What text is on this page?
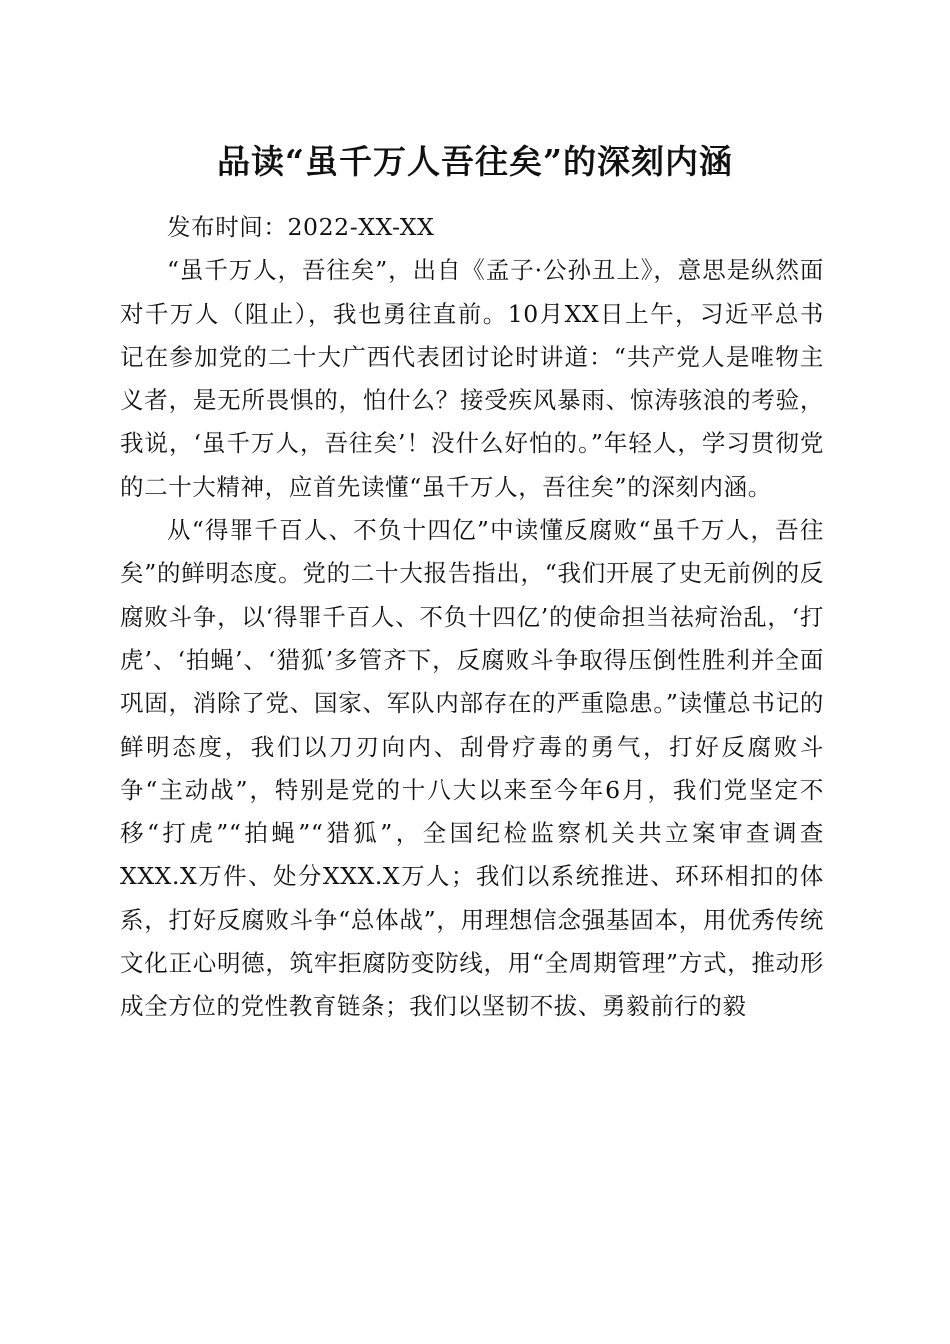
品读“虽千万人吾往矣”的深刻内涵

发布时间：2022-XX-XX

“虽千万人，吾往矣”，出自《孟子·公孙丑上》，意思是纵然面对千万人（阻止），我也勇往直前。10月XX日上午，习近平总书记在参加党的二十大广西代表团讨论时讲道：“共产党人是唯物主义者，是无所畏惧的，怕什么？接受疾风暴雨、惊涛骇浪的考验，我说，‘虽千万人，吾往矣’！没什么好怕的。”年轻人，学习贯彻党的二十大精神，应首先读懂“虽千万人，吾往矣”的深刻内涵。

从“得罪千百人、不负十四亿”中读懂反腐败“虽千万人，吾往矣”的鲜明态度。党的二十大报告指出，“我们开展了史无前例的反腐败斗争，以‘得罪千百人、不负十四亿’的使命担当祛疴治乱，‘打虎’、‘拍蝇’、‘猎狐’多管齐下，反腐败斗争取得压倒性胜利并全面巩固，消除了党、国家、军队内部存在的严重隐患。”读懂总书记的鲜明态度，我们以刀刃向内、刮骨疗毒的勇气，打好反腐败斗争“主动战”，特别是党的十八大以来至今年6月，我们党坚定不移“打虎”“拍蝇”“猎狐”，全国纪检监察机关共立案审查调查XXX.X万件、处分XXX.X万人；我们以系统推进、环环相扣的体系，打好反腐败斗争“总体战”，用理想信念强基固本，用优秀传统文化正心明德，筑牢拒腐防变防线，用“全周期管理”方式，推动形成全方位的党性教育链条；我们以坚韧不拔、勇毅前行的毅
